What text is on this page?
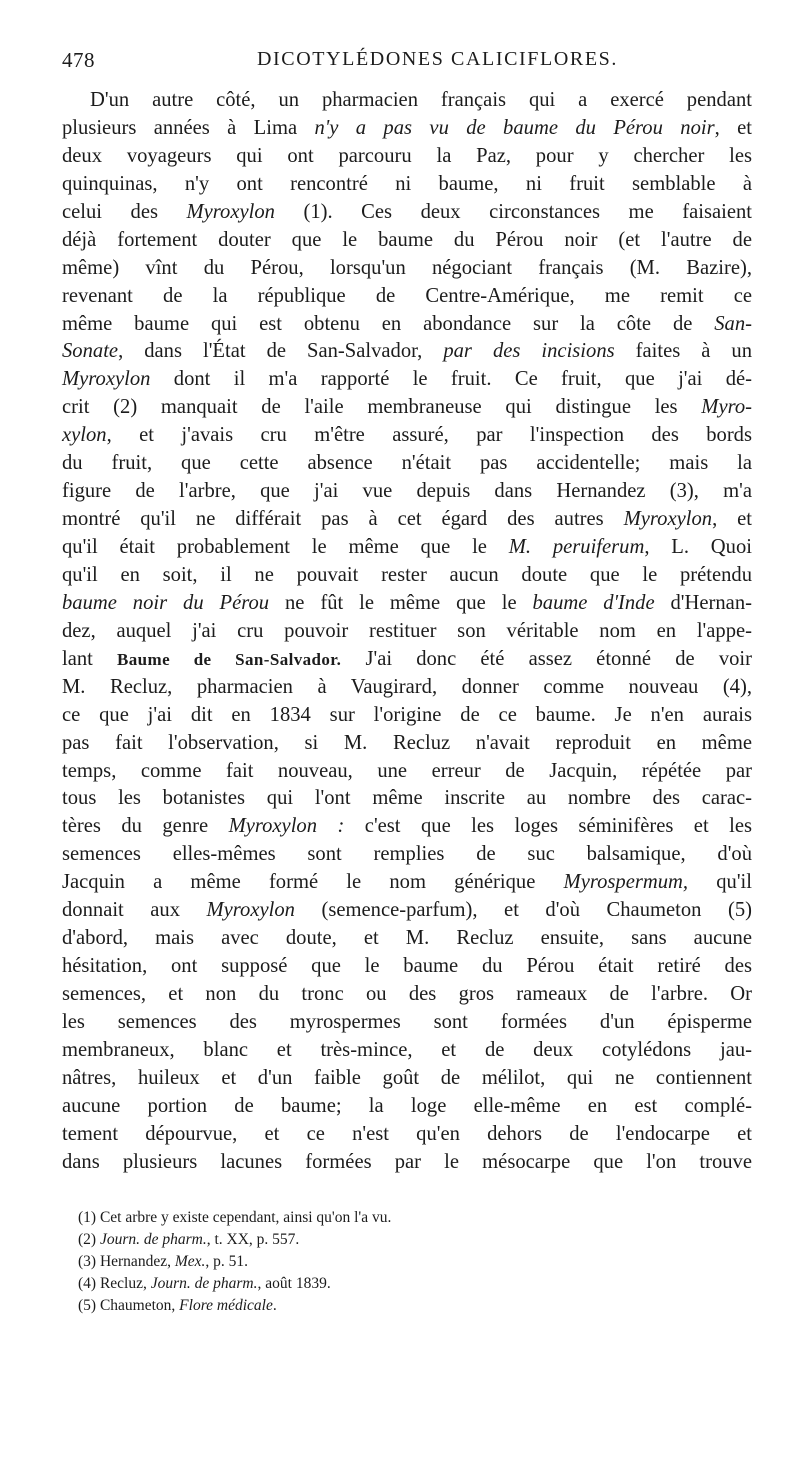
478	DICOTYLÉDONES CALICIFLORES.
D'un autre côté, un pharmacien français qui a exercé pendant
plusieurs années à Lima n'y a pas vu de baume du Pérou noir, et
deux voyageurs qui ont parcouru la Paz, pour y chercher les
quinquinas, n'y ont rencontré ni baume, ni fruit semblable à
celui des Myroxylon (1). Ces deux circonstances me faisaient
déjà fortement douter que le baume du Pérou noir (et l'autre de
même) vînt du Pérou, lorsqu'un négociant français (M. Bazire),
revenant de la république de Centre-Amérique, me remit ce
même baume qui est obtenu en abondance sur la côte de San-
Sonate, dans l'État de San-Salvador, par des incisions faites à un
Myroxylon dont il m'a rapporté le fruit. Ce fruit, que j'ai dé-
crit (2) manquait de l'aile membraneuse qui distingue les Myro-
xylon, et j'avais cru m'être assuré, par l'inspection des bords
du fruit, que cette absence n'était pas accidentelle; mais la
figure de l'arbre, que j'ai vue depuis dans Hernandez (3), m'a
montré qu'il ne différait pas à cet égard des autres Myroxylon, et
qu'il était probablement le même que le M. peruiferum, L. Quoi
qu'il en soit, il ne pouvait rester aucun doute que le prétendu
baume noir du Pérou ne fût le même que le baume d'Inde d'Hernan-
dez, auquel j'ai cru pouvoir restituer son véritable nom en l'appe-
lant Baume de San-Salvador. J'ai donc été assez étonné de voir
M. Recluz, pharmacien à Vaugirard, donner comme nouveau (4),
ce que j'ai dit en 1834 sur l'origine de ce baume. Je n'en aurais
pas fait l'observation, si M. Recluz n'avait reproduit en même
temps, comme fait nouveau, une erreur de Jacquin, répétée par
tous les botanistes qui l'ont même inscrite au nombre des carac-
tères du genre Myroxylon : c'est que les loges séminifères et les
semences elles-mêmes sont remplies de suc balsamique, d'où
Jacquin a même formé le nom générique Myrospermum, qu'il
donnait aux Myroxylon (semence-parfum), et d'où Chaumeton (5)
d'abord, mais avec doute, et M. Recluz ensuite, sans aucune
hésitation, ont supposé que le baume du Pérou était retiré des
semences, et non du tronc ou des gros rameaux de l'arbre. Or
les semences des myrospermes sont formées d'un épisperme
membraneux, blanc et très-mince, et de deux cotylédons jau-
nâtres, huileux et d'un faible goût de mélilot, qui ne contiennent
aucune portion de baume; la loge elle-même en est complé-
tement dépourvue, et ce n'est qu'en dehors de l'endocarpe et
dans plusieurs lacunes formées par le mésocarpe que l'on trouve
(1) Cet arbre y existe cependant, ainsi qu'on l'a vu.
(2) Journ. de pharm., t. XX, p. 557.
(3) Hernandez, Mex., p. 51.
(4) Recluz, Journ. de pharm., août 1839.
(5) Chaumeton, Flore médicale.
